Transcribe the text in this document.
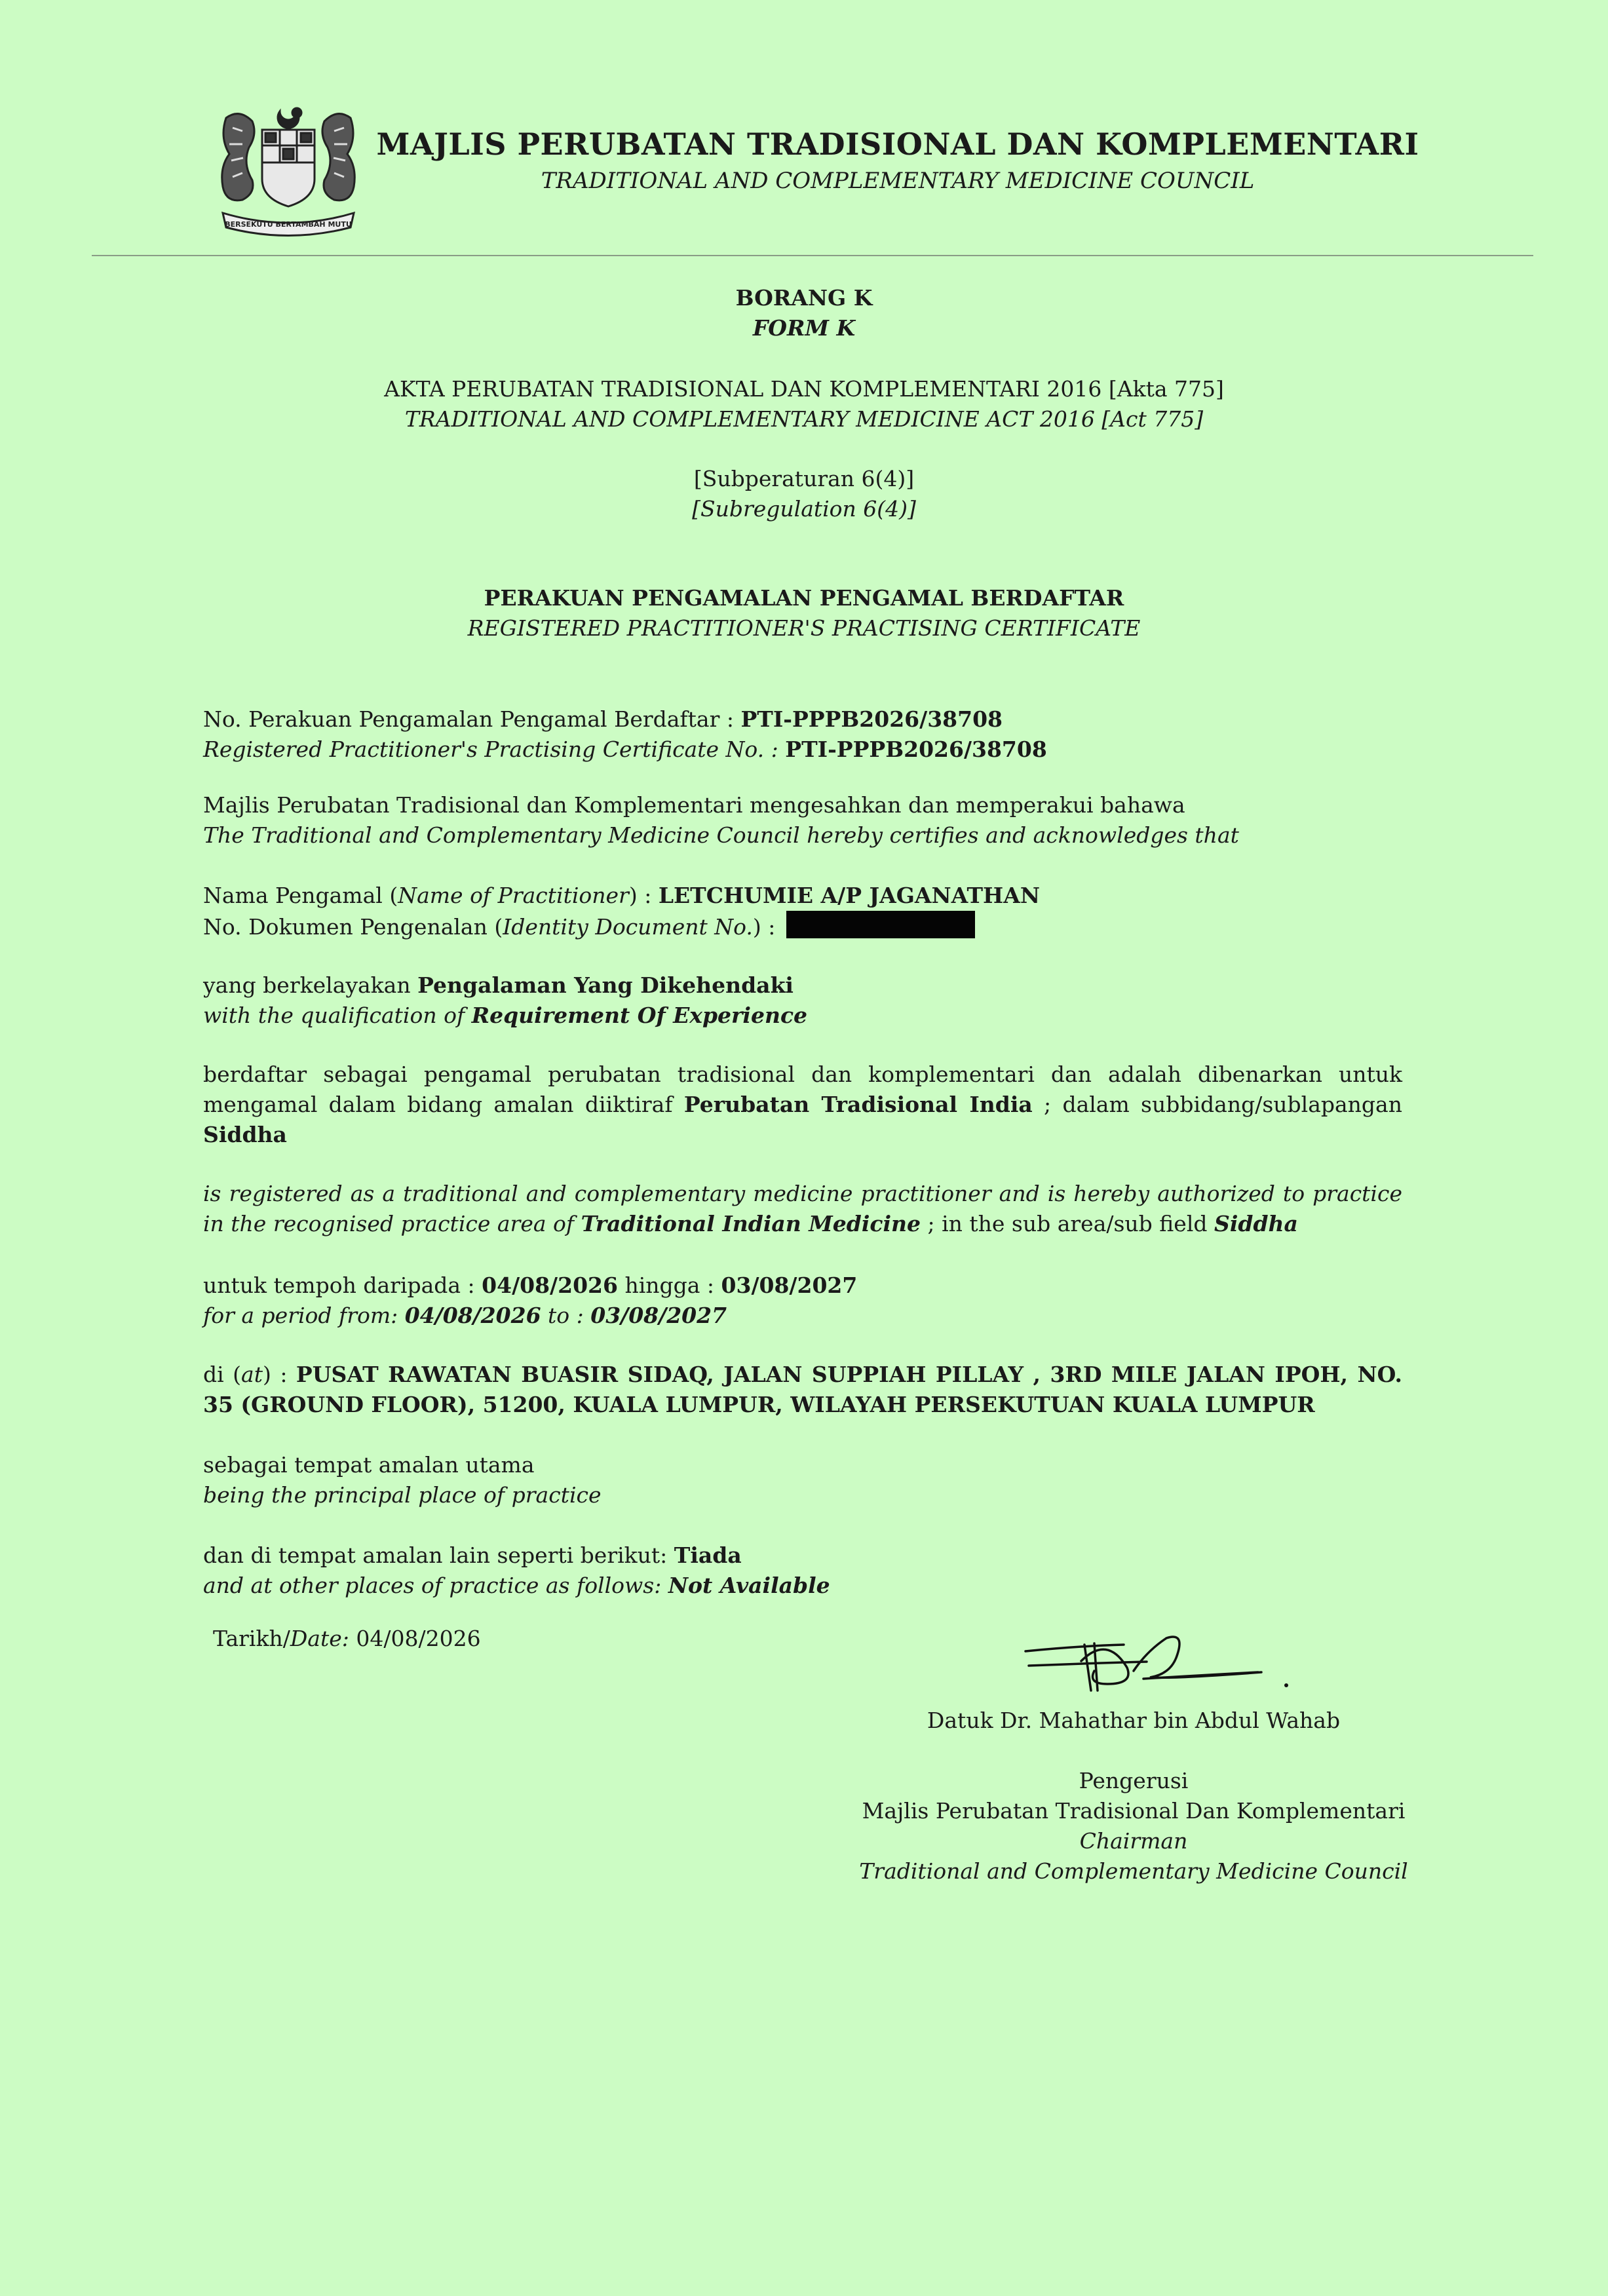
BERSEKUTU BERTAMBAH MUTU
MAJLIS PERUBATAN TRADISIONAL DAN KOMPLEMENTARI
TRADITIONAL AND COMPLEMENTARY MEDICINE COUNCIL
BORANG K
FORM K
AKTA PERUBATAN TRADISIONAL DAN KOMPLEMENTARI 2016 [Akta 775]
TRADITIONAL AND COMPLEMENTARY MEDICINE ACT 2016 [Act 775]
[Subperaturan 6(4)]
[Subregulation 6(4)]
PERAKUAN PENGAMALAN PENGAMAL BERDAFTAR
REGISTERED PRACTITIONER'S PRACTISING CERTIFICATE
No. Perakuan Pengamalan Pengamal Berdaftar : PTI-PPPB2026/38708
Registered Practitioner's Practising Certificate No. : PTI-PPPB2026/38708
Majlis Perubatan Tradisional dan Komplementari mengesahkan dan memperakui bahawa
The Traditional and Complementary Medicine Council hereby certifies and acknowledges that
Nama Pengamal (Name of Practitioner) : LETCHUMIE A/P JAGANATHAN
No. Dokumen Pengenalan (Identity Document No.) :
yang berkelayakan Pengalaman Yang Dikehendaki
with the qualification of Requirement Of Experience
berdaftar sebagai pengamal perubatan tradisional dan komplementari dan adalah dibenarkan untuk mengamal dalam bidang amalan diiktiraf Perubatan Tradisional India ; dalam subbidang/sublapangan Siddha
is registered as a traditional and complementary medicine practitioner and is hereby authorized to practice in the recognised practice area of Traditional Indian Medicine ; in the sub area/sub field Siddha
untuk tempoh daripada : 04/08/2026 hingga : 03/08/2027
for a period from: 04/08/2026 to : 03/08/2027
di (at) : PUSAT RAWATAN BUASIR SIDAQ, JALAN SUPPIAH PILLAY , 3RD MILE JALAN IPOH, NO. 35 (GROUND FLOOR), 51200, KUALA LUMPUR, WILAYAH PERSEKUTUAN KUALA LUMPUR
sebagai tempat amalan utama
being the principal place of practice
dan di tempat amalan lain seperti berikut: Tiada
and at other places of practice as follows: Not Available
Tarikh/Date: 04/08/2026
Datuk Dr. Mahathar bin Abdul Wahab
Pengerusi
Majlis Perubatan Tradisional Dan Komplementari
Chairman
Traditional and Complementary Medicine Council
